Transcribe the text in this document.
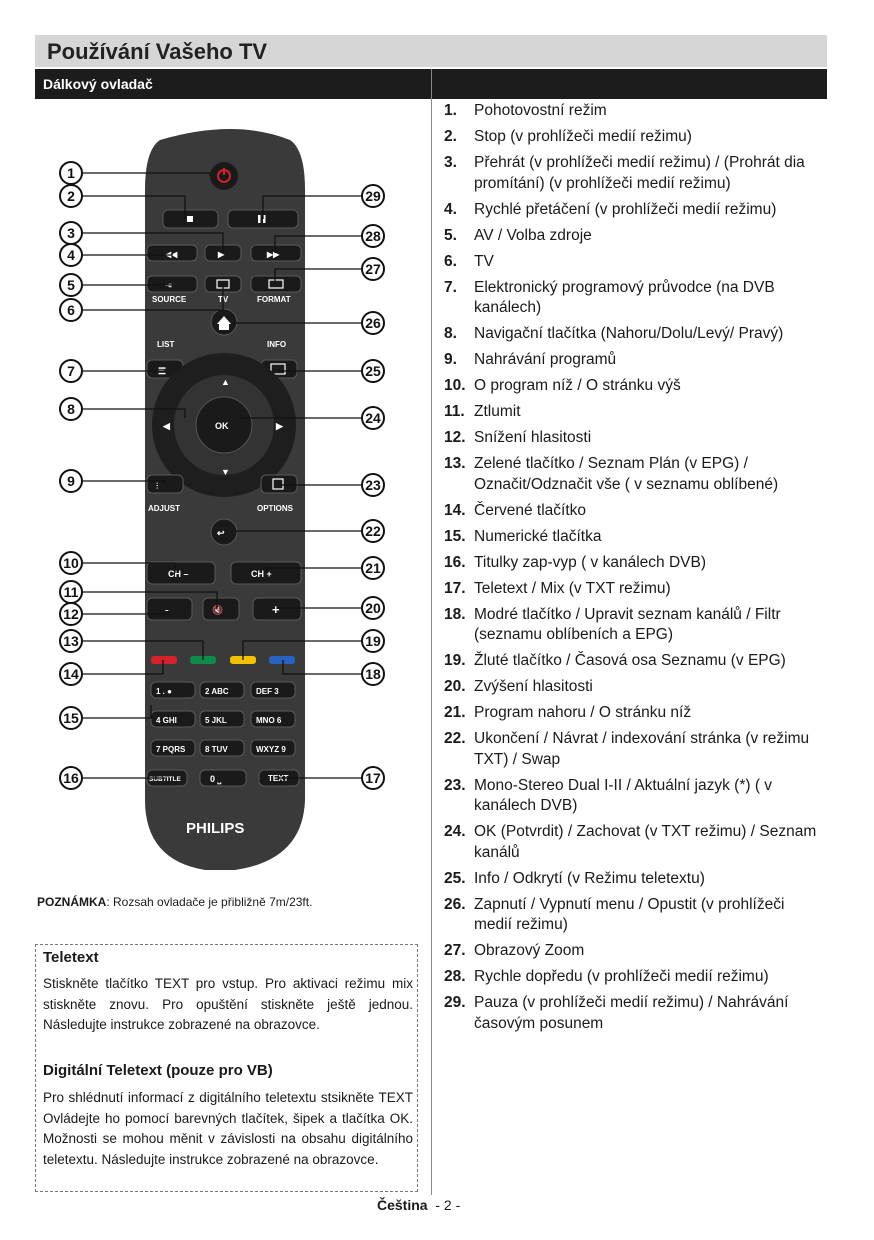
Používání Vašeho TV
Dálkový ovladač
◀◀	▶	▶▶
⇥
SOURCE	TV	FORMAT
LIST	INFO
☰
▲
▼
◀	▶
OK
⫶
ADJUST	OPTIONS
↩
CH –	CH +
–	🔇	+
1 . ●	2 ABC	DEF 3
4 GHI	5 JKL	MNO 6
7 PQRS 8 TUV	WXYZ 9
SUBTITLE	0 ⎵	TEXT
PHILIPS
1
2
3
4
5
6
7
8
9
10
11
12
13
14
15
16
29
28
27
26
25
24
23
22
21
20
19
18
17
POZNÁMKA: Rozsah ovladače je přibližně 7m/23ft.
Teletext

Stiskněte tlačítko TEXT pro vstup. Pro aktivaci režimu mix stiskněte znovu. Pro opuštění stiskněte ještě jednou. Následujte instrukce zobrazené na obrazovce.

Digitální Teletext (pouze pro VB)

Pro shlédnutí informací z digitálního teletextu stsikněte TEXT Ovládejte ho pomocí barevných tlačítek, šipek a tlačítka OK. Možnosti se mohou měnit v závislosti na obsahu digitálního teletextu. Následujte instrukce zobrazené na obrazovce.

1. Pohotovostní režim
2. Stop (v prohlížeči medií režimu)
3. Přehrát (v prohlížeči medií režimu) / (Prohrát dia promítání) (v prohlížeči medií režimu)
4. Rychlé přetáčení (v prohlížeči medií režimu)
5. AV / Volba zdroje
6. TV
7. Elektronický programový průvodce (na DVB kanálech)
8. Navigační tlačítka (Nahoru/Dolu/Levý/ Pravý)
9. Nahrávání programů
10. O program níž / O stránku výš
11. Ztlumit
12. Snížení hlasitosti
13. Zelené tlačítko / Seznam Plán (v EPG) / Označit/Odznačit vše ( v seznamu oblíbené)
14. Červené tlačítko
15. Numerické tlačítka
16. Titulky zap-vyp ( v kanálech DVB)
17. Teletext / Mix (v TXT režimu)
18. Modré tlačítko / Upravit seznam kanálů / Filtr (seznamu oblíbeních a EPG)
19. Žluté tlačítko / Časová osa Seznamu (v EPG)
20. Zvýšení hlasitosti
21. Program nahoru / O stránku níž
22. Ukončení / Návrat / indexování stránka (v režimu TXT) / Swap
23. Mono-Stereo Dual I-II / Aktuální jazyk (*) ( v kanálech DVB)
24. OK (Potvrdit) / Zachovat (v TXT režimu) / Seznam kanálů
25. Info / Odkrytí (v Režimu teletextu)
26. Zapnutí / Vypnutí menu / Opustit (v prohlížeči medií režimu)
27. Obrazový Zoom
28. Rychle dopředu (v prohlížeči medií režimu)
29. Pauza (v prohlížeči medií režimu) / Nahrávání časovým posunem
Čeština - 2 -
